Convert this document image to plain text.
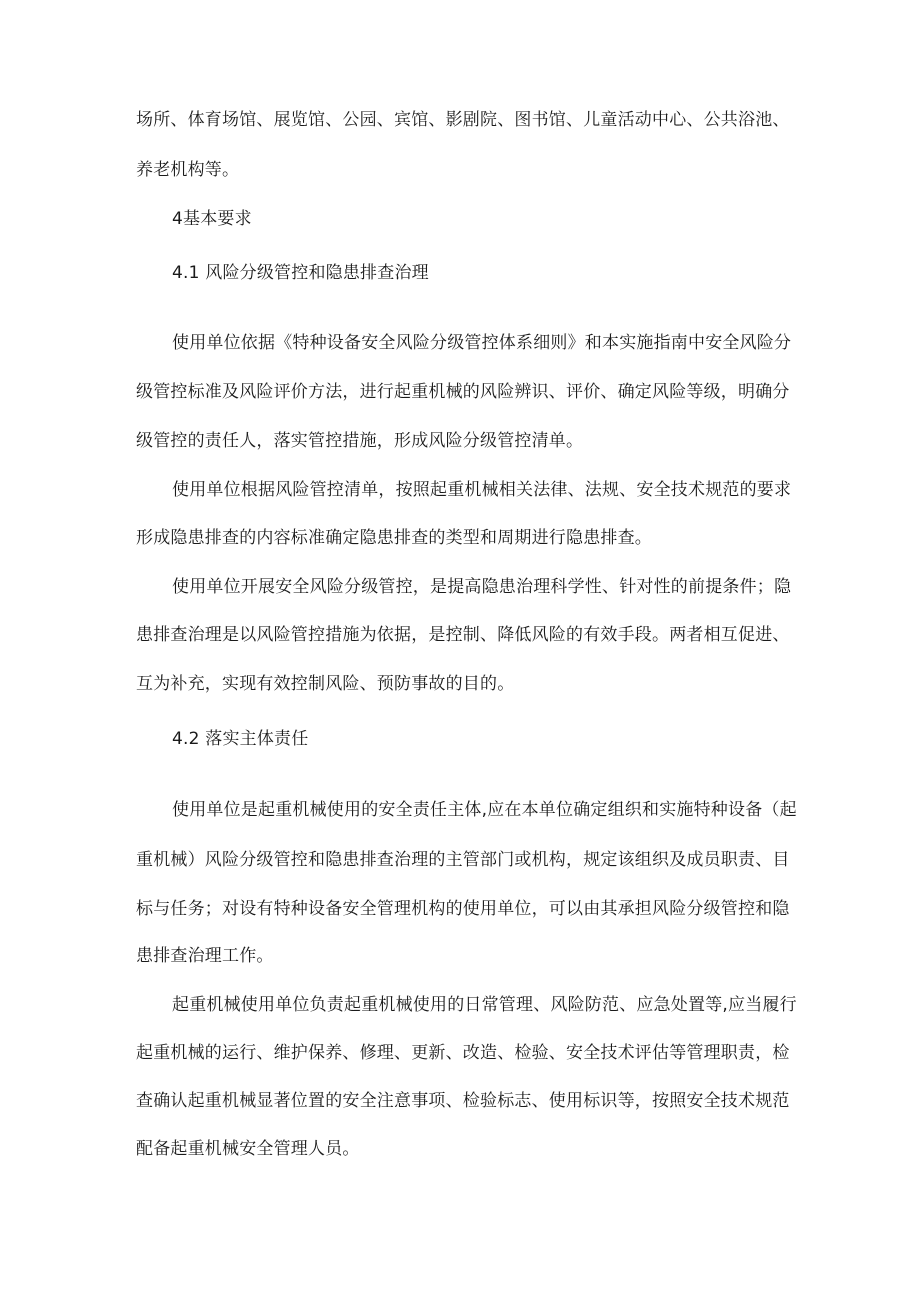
场所、体育场馆、展览馆、公园、宾馆、影剧院、图书馆、儿童活动中心、公共浴池、
养老机构等。
4基本要求
4.1 风险分级管控和隐患排查治理
使用单位依据《特种设备安全风险分级管控体系细则》和本实施指南中安全风险分
级管控标准及风险评价方法，进行起重机械的风险辨识、评价、确定风险等级，明确分
级管控的责任人，落实管控措施，形成风险分级管控清单。
使用单位根据风险管控清单，按照起重机械相关法律、法规、安全技术规范的要求
形成隐患排查的内容标准确定隐患排查的类型和周期进行隐患排查。
使用单位开展安全风险分级管控，是提高隐患治理科学性、针对性的前提条件；隐
患排查治理是以风险管控措施为依据，是控制、降低风险的有效手段。两者相互促进、
互为补充，实现有效控制风险、预防事故的目的。
4.2 落实主体责任
使用单位是起重机械使用的安全责任主体,应在本单位确定组织和实施特种设备（起
重机械）风险分级管控和隐患排查治理的主管部门或机构，规定该组织及成员职责、目
标与任务；对设有特种设备安全管理机构的使用单位，可以由其承担风险分级管控和隐
患排查治理工作。
起重机械使用单位负责起重机械使用的日常管理、风险防范、应急处置等,应当履行
起重机械的运行、维护保养、修理、更新、改造、检验、安全技术评估等管理职责，检
查确认起重机械显著位置的安全注意事项、检验标志、使用标识等，按照安全技术规范
配备起重机械安全管理人员。
